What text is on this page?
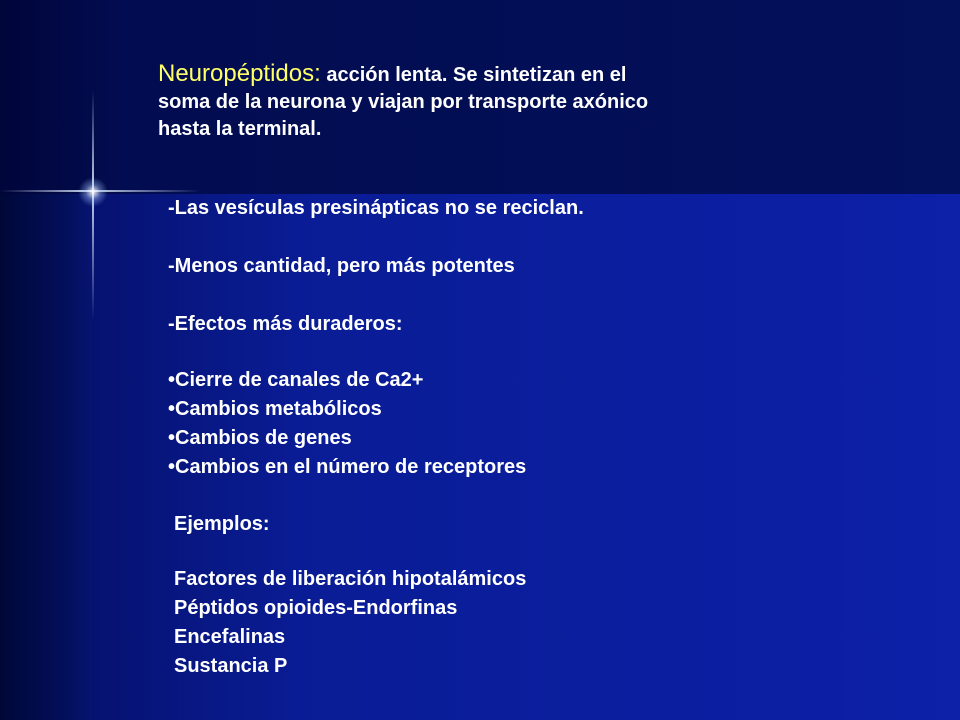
Neuropéptidos: acción lenta. Se sintetizan en el
soma de la neurona y viajan por transporte axónico
hasta la terminal.
-Las vesículas presinápticas no se reciclan.
-Menos cantidad, pero más potentes
-Efectos más duraderos:
•Cierre de canales de Ca2+
•Cambios metabólicos
•Cambios de genes
•Cambios en el número de receptores
Ejemplos:
Factores de liberación hipotalámicos
Péptidos opioides-Endorfinas
Encefalinas
Sustancia P
